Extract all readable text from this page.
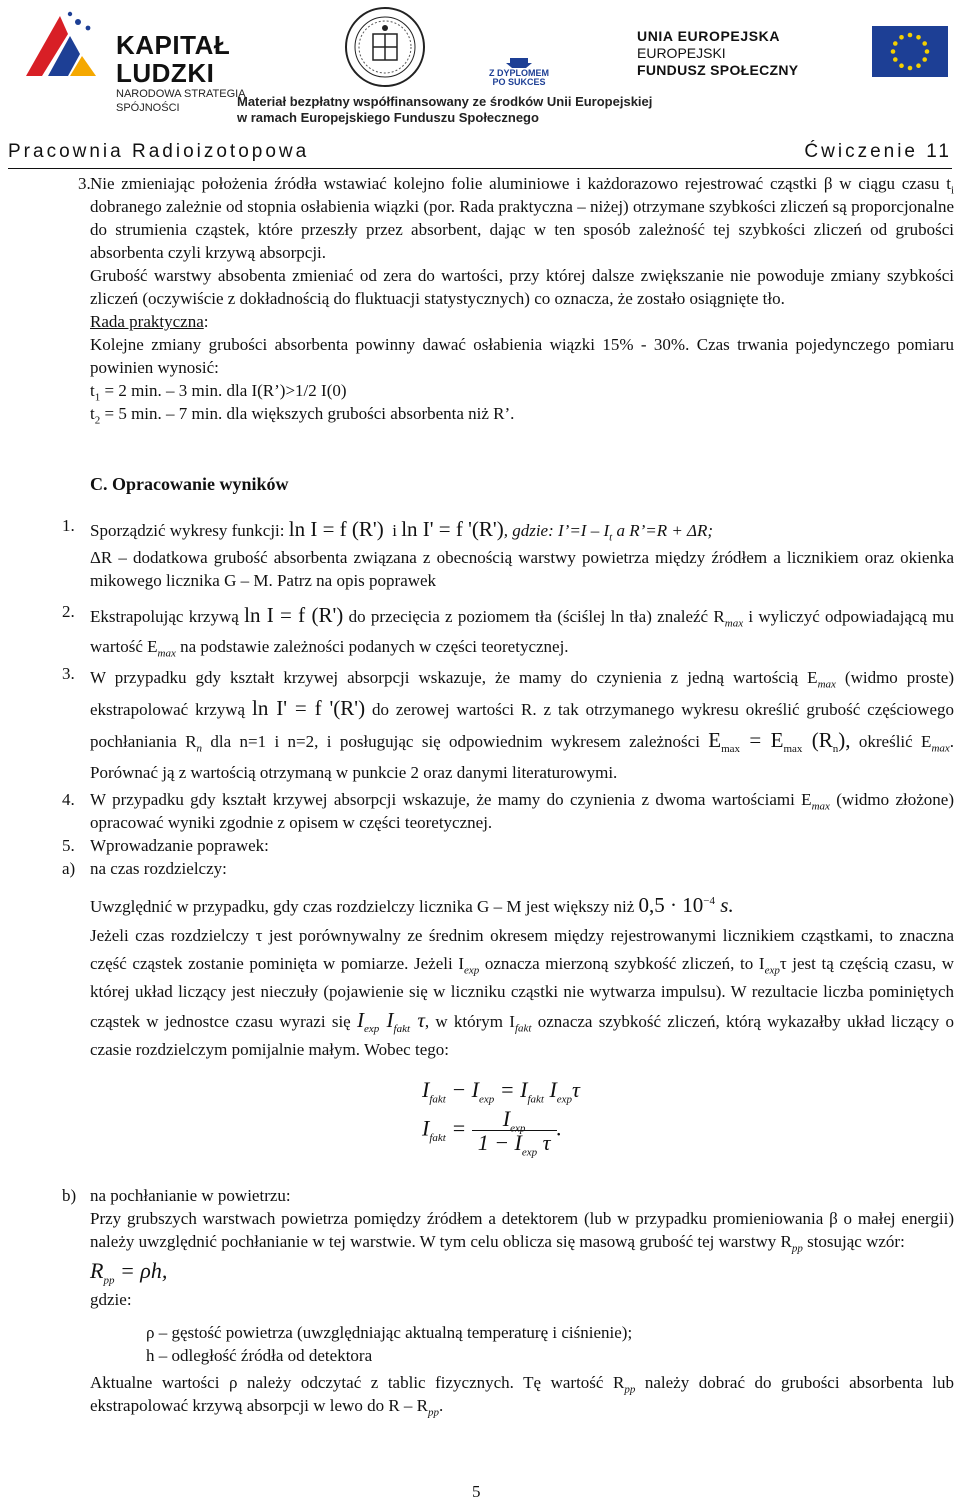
KAPITAŁ LUDZKI
NARODOWA STRATEGIA SPÓJNOŚCI
Z DYPLOMEM
PO SUKCES
UNIA EUROPEJSKA
EUROPEJSKI
FUNDUSZ SPOŁECZNY
Materiał bezpłatny współfinansowany ze środków Unii Europejskiej
w ramach Europejskiego Funduszu Społecznego
Pracownia Radioizotopowa	Ćwiczenie 11
3. Nie zmieniając położenia źródła wstawiać kolejno folie aluminiowe i każdorazowo rejestrować cząstki β w ciągu czasu $t_i$ dobranego zależnie od stopnia osłabienia wiązki (por. Rada praktyczna – niżej) otrzymane szybkości zliczeń są proporcjonalne do strumienia cząstek, które przeszły przez absorbent, dając w ten sposób zależność tej szybkości zliczeń od grubości absorbenta czyli krzywą absorpcji.

Grubość warstwy absobenta zmieniać od zera do wartości, przy której dalsze zwiększanie nie powoduje zmiany szybkości zliczeń (oczywiście z dokładnością do fluktuacji statystycznych) co oznacza, że zostało osiągnięte tło.

Rada praktyczna:

Kolejne zmiany grubości absorbenta powinny dawać osłabienia wiązki 15% - 30%. Czas trwania pojedynczego pomiaru powinien wynosić:

$t_1 = 2$ min. – 3 min. dla I(R’)>1/2 I(0)

$t_2 = 5$ min. – 7 min. dla większych grubości absorbenta niż R’.

C. Opracowanie wyników
1. Sporządzić wykresy funkcji: ln I = f (R') i ln I' = f '(R'), gdzie: I’=I – $I_t$ a R’=R + ΔR;

ΔR – dodatkowa grubość absorbenta związana z obecnością warstwy powietrza między źródłem a licznikiem oraz okienka mikowego licznika G – M. Patrz na opis poprawek

2. Ekstrapolując krzywą ln I = f (R') do przecięcia z poziomem tła (ściślej ln tła) znaleźć $R_{max}$ i wyliczyć odpowiadającą mu wartość $E_{max}$ na podstawie zależności podanych w części teoretycznej.

3. W przypadku gdy kształt krzywej absorpcji wskazuje, że mamy do czynienia z jedną wartością $E_{max}$ (widmo proste) ekstrapolować krzywą ln I' = f '(R') do zerowej wartości R. z tak otrzymanego wykresu określić grubość częściowego pochłaniania $R_n$ dla n=1 i n=2, i posługując się odpowiednim wykresem zależności $E_{max} = E_{max}$ $(R_n)$, określić $E_{max}$. Porównać ją z wartością otrzymaną w punkcie 2 oraz danymi literaturowymi.

4. W przypadku gdy kształt krzywej absorpcji wskazuje, że mamy do czynienia z dwoma wartościami $E_{max}$ (widmo złożone) opracować wyniki zgodnie z opisem w części teoretycznej.

5. Wprowadzanie poprawek:

a) na czas rozdzielczy:

Uwzględnić w przypadku, gdy czas rozdzielczy licznika G – M jest większy niż $0,5 \cdot 10^{-4}$ s.

Jeżeli czas rozdzielczy τ jest porównywalny ze średnim okresem między rejestrowanymi licznikiem cząstkami, to znaczna część cząstek zostanie pominięta w pomiarze. Jeżeli $I_{exp}$ oznacza mierzoną szybkość zliczeń, to $I_{exp}\tau$ jest tą częścią czasu, w której układ liczący jest nieczuły (pojawienie się w liczniku cząstki nie wytwarza impulsu). W rezultacie liczba pominiętych cząstek w jednostce czasu wyrazi się $I_{exp}$ $I_{fakt}$ τ, w którym $I_{fakt}$ oznacza szybkość zliczeń, którą wykazałby układ liczący o czasie rozdzielczym pomijalnie małym. Wobec tego:

$I_{fakt} - I_{exp} = I_{fakt}$ $I_{exp}\tau$
$I_{fakt} = \frac{I_{exp}}{1 - I_{exp} \tau}$ .
b) na pochłanianie w powietrzu:

Przy grubszych warstwach powietrza pomiędzy źródłem a detektorem (lub w przypadku promieniowania β o małej energii) należy uwzględnić pochłanianie w tej warstwie. W tym celu oblicza się masową grubość tej warstwy $R_{pp}$ stosując wzór:

$R_{pp} = \rho h$,

gdzie:

ρ – gęstość powietrza (uwzględniając aktualną temperaturę i ciśnienie);

h – odległość źródła od detektora

Aktualne wartości ρ należy odczytać z tablic fizycznych. Tę wartość $R_{pp}$ należy dobrać do grubości absorbenta lub ekstrapolować krzywą absorpcji w lewo do R – $R_{pp}$.

5
